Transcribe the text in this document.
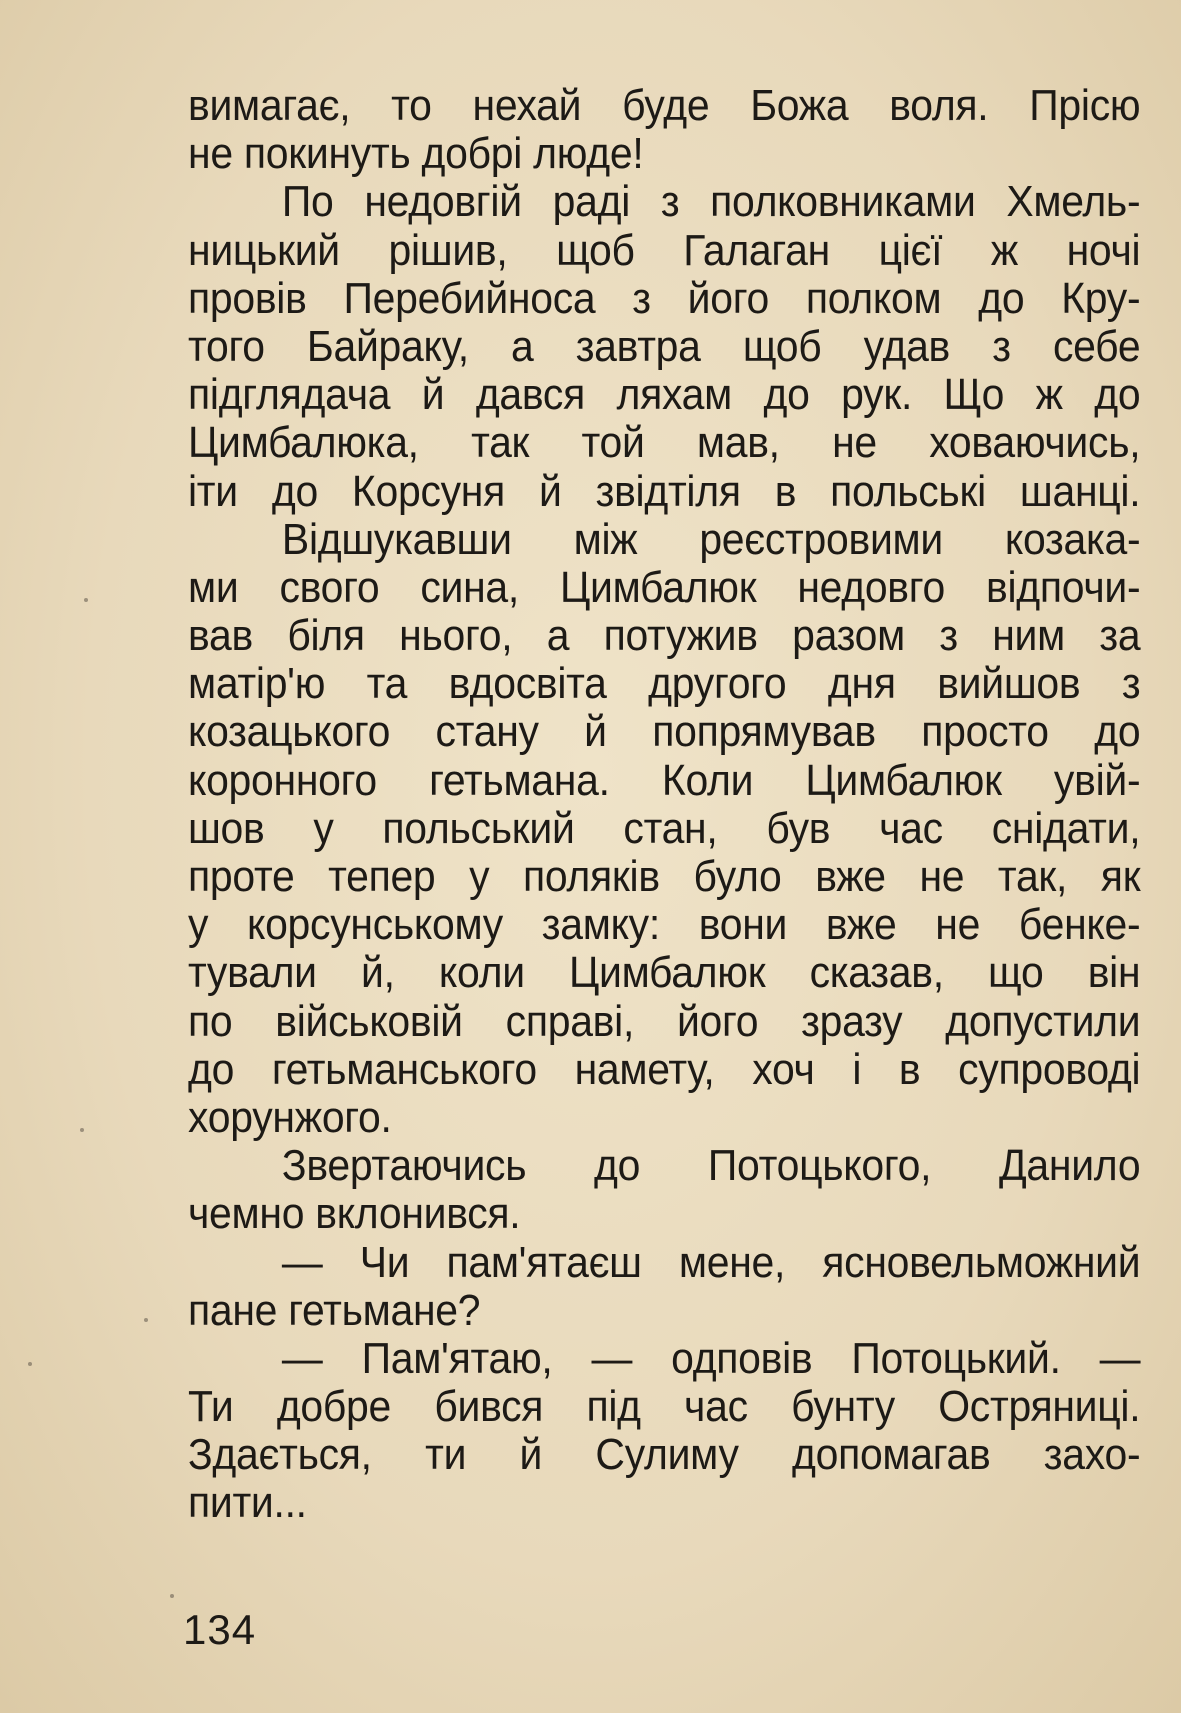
вимагає, то нехай буде Божа воля. Прісю
не покинуть добрі люде!
По недовгій раді з полковниками Хмель-
ницький рішив, щоб Галаган цієї ж ночі
провів Перебийноса з його полком до Кру-
того Байраку, а завтра щоб удав з себе
підглядача й дався ляхам до рук. Що ж до
Цимбалюка, так той мав, не ховаючись,
іти до Корсуня й звідтіля в польські шанці.
Відшукавши між реєстровими козака-
ми свого сина, Цимбалюк недовго відпочи-
вав біля нього, а потужив разом з ним за
матір'ю та вдосвіта другого дня вийшов з
козацького стану й попрямував просто до
коронного гетьмана. Коли Цимбалюк увій-
шов у польський стан, був час снідати,
проте тепер у поляків було вже не так, як
у корсунському замку: вони вже не бенке-
тували й, коли Цимбалюк сказав, що він
по військовій справі, його зразу допустили
до гетьманського намету, хоч і в супроводі
хорунжого.
Звертаючись до Потоцького, Данило
чемно вклонився.
— Чи пам'ятаєш мене, ясновельможний
пане гетьмане?
— Пам'ятаю, — одповів Потоцький. —
Ти добре бився під час бунту Остряниці.
Здається, ти й Сулиму допомагав захо-
пити...
134
